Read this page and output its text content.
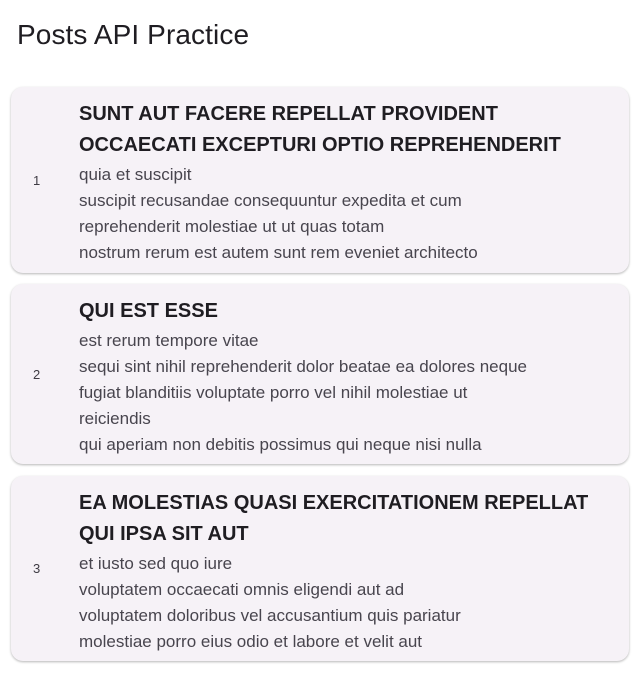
Posts API Practice
1
SUNT AUT FACERE REPELLAT PROVIDENT OCCAECATI EXCEPTURI OPTIO REPREHENDERIT
quia et suscipit
suscipit recusandae consequuntur expedita et cum
reprehenderit molestiae ut ut quas totam
nostrum rerum est autem sunt rem eveniet architecto
2
QUI EST ESSE
est rerum tempore vitae
sequi sint nihil reprehenderit dolor beatae ea dolores neque
fugiat blanditiis voluptate porro vel nihil molestiae ut
reiciendis
qui aperiam non debitis possimus qui neque nisi nulla
3
EA MOLESTIAS QUASI EXERCITATIONEM REPELLAT QUI IPSA SIT AUT
et iusto sed quo iure
voluptatem occaecati omnis eligendi aut ad
voluptatem doloribus vel accusantium quis pariatur
molestiae porro eius odio et labore et velit aut
